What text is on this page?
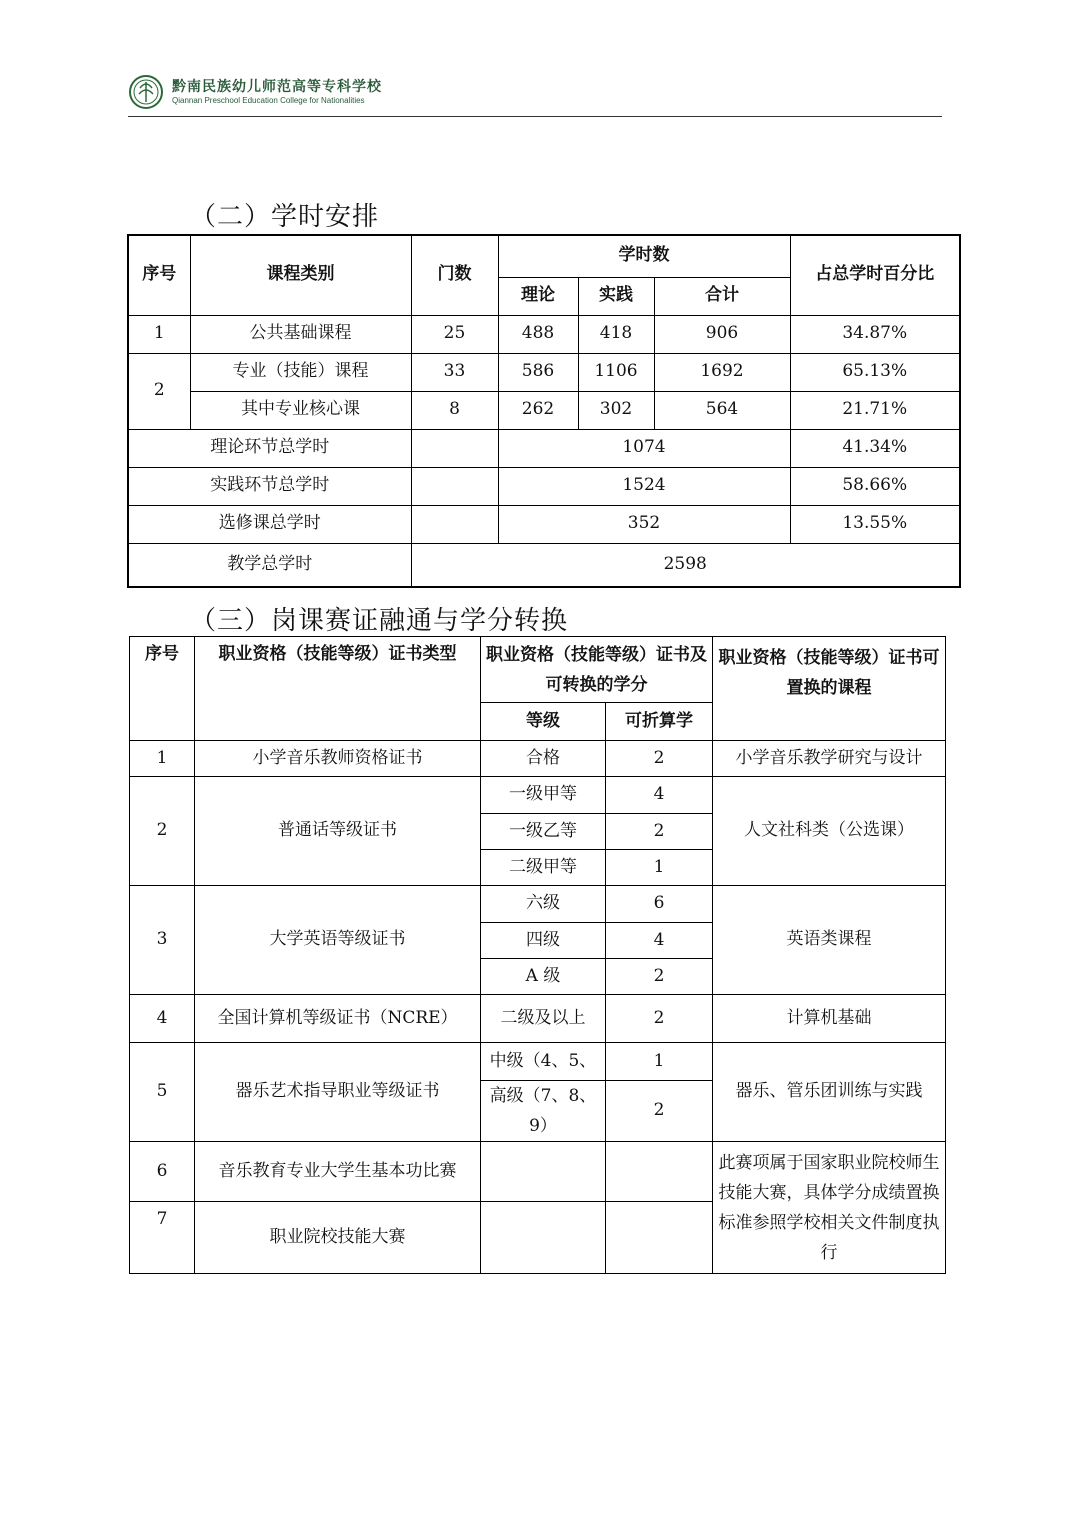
黔南民族幼儿师范高等专科学校
Qiannan Preschool Education College for Nationalities
（二）学时安排
序号	课程类别	门数	学时数			占总学时百分比
			理论	实践	合计	
1	公共基础课程	25	488	418	906	34.87%
2	专业（技能）课程	33	586	1106	1692	65.13%
	其中专业核心课	8	262	302	564	21.71%
理论环节总学时			1074			41.34%
实践环节总学时			1524			58.66%
选修课总学时			352			13.55%
教学总学时		2598				
（三）岗课赛证融通与学分转换
序号	职业资格（技能等级）证书类型	职业资格（技能等级）证书及可转换的学分		职业资格（技能等级）证书可置换的课程
		等级	可折算学	
1	小学音乐教师资格证书	合格	2	小学音乐教学研究与设计
2	普通话等级证书	一级甲等	4	人文社科类（公选课）
		一级乙等	2	
		二级甲等	1	
3	大学英语等级证书	六级	6	英语类课程
		四级	4	
		A 级	2	
4	全国计算机等级证书（NCRE）	二级及以上	2	计算机基础
5	器乐艺术指导职业等级证书	中级（4、5、	1	器乐、管乐团训练与实践
		高级（7、8、9）	2	
6	音乐教育专业大学生基本功比赛			此赛项属于国家职业院校师生技能大赛，具体学分成绩置换标准参照学校相关文件制度执行
7	职业院校技能大赛			
